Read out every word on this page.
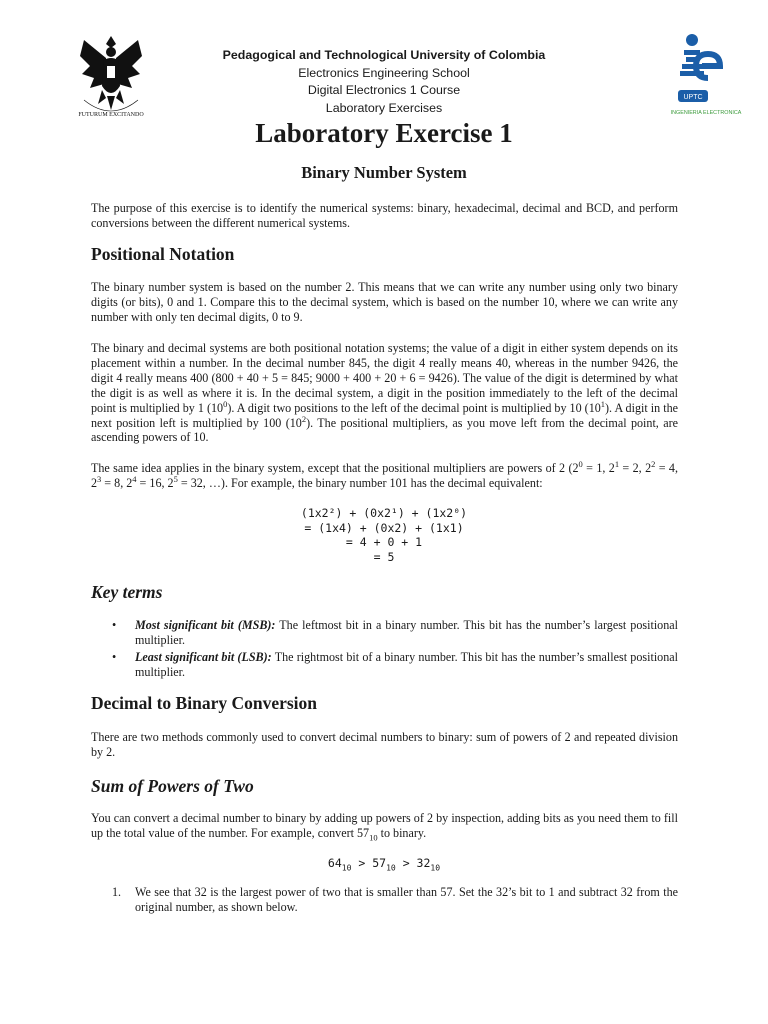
FUTURUM EXCITANDO
Pedagogical and Technological University of Colombia
Electronics Engineering School
Digital Electronics 1 Course
Laboratory Exercises
UPTC
INGENIERIA ELECTRONICA
Laboratory Exercise 1
Binary Number System

The purpose of this exercise is to identify the numerical systems: binary, hexadecimal, decimal and BCD, and perform conversions between the different numerical systems.

Positional Notation

The binary number system is based on the number 2. This means that we can write any number using only two binary digits (or bits), 0 and 1. Compare this to the decimal system, which is based on the number 10, where we can write any number with only ten decimal digits, 0 to 9.

The binary and decimal systems are both positional notation systems; the value of a digit in either system depends on its placement within a number. In the decimal number 845, the digit 4 really means 40, whereas in the number 9426, the digit 4 really means 400 (800 + 40 + 5 = 845; 9000 + 400 + 20 + 6 = 9426). The value of the digit is determined by what the digit is as well as where it is. In the decimal system, a digit in the position immediately to the left of the decimal point is multiplied by 1 $(10^0)$. A digit two positions to the left of the decimal point is multiplied by 10 $(10^1)$. A digit in the next position left is multiplied by 100 $(10^2)$. The positional multipliers, as you move left from the decimal point, are ascending powers of 10.

The same idea applies in the binary system, except that the positional multipliers are powers of 2 ($2^0 = 1$, $2^1 = 2$, $2^2 = 4$, $2^3 = 8$, $2^4 = 16$, $2^5 = 32$, …). For example, the binary number 101 has the decimal equivalent:

(1x2²) + (0x2¹) + (1x2⁰)
= (1x4) + (0x2) + (1x1)
= 4 + 0 + 1
= 5
Key terms
• Most significant bit (MSB): The leftmost bit in a binary number. This bit has the number’s largest positional multiplier.
• Least significant bit (LSB): The rightmost bit of a binary number. This bit has the number’s smallest positional multiplier.
Decimal to Binary Conversion

There are two methods commonly used to convert decimal numbers to binary: sum of powers of 2 and repeated division by 2.

Sum of Powers of Two

You can convert a decimal number to binary by adding up powers of 2 by inspection, adding bits as you need them to fill up the total value of the number. For example, convert $57_{10}$ to binary.

$64_{10} > 57_{10} > 32_{10}$
1. We see that 32 is the largest power of two that is smaller than 57. Set the 32’s bit to 1 and subtract 32 from the original number, as shown below.
